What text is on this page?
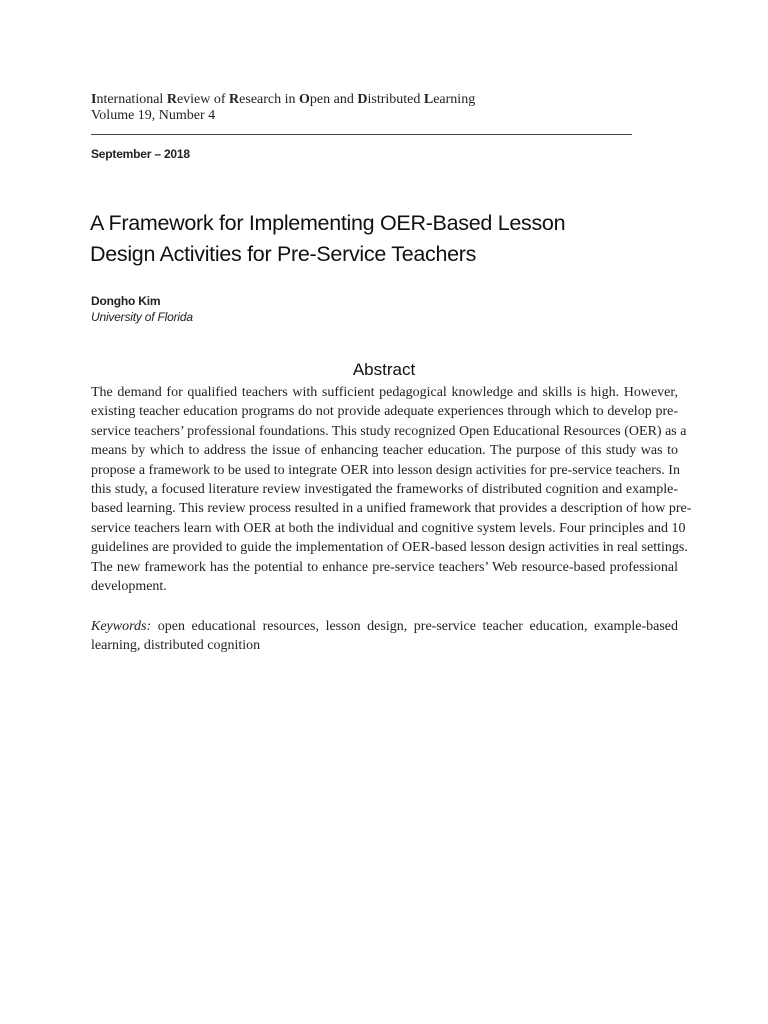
International Review of Research in Open and Distributed Learning
Volume 19, Number 4
September – 2018
A Framework for Implementing OER-Based Lesson
Design Activities for Pre-Service Teachers
Dongho Kim
University of Florida
Abstract
The demand for qualified teachers with sufficient pedagogical knowledge and skills is high. However,
existing teacher education programs do not provide adequate experiences through which to develop pre-
service teachers’ professional foundations. This study recognized Open Educational Resources (OER) as a
means by which to address the issue of enhancing teacher education. The purpose of this study was to
propose a framework to be used to integrate OER into lesson design activities for pre-service teachers. In
this study, a focused literature review investigated the frameworks of distributed cognition and example-
based learning. This review process resulted in a unified framework that provides a description of how pre-
service teachers learn with OER at both the individual and cognitive system levels. Four principles and 10
guidelines are provided to guide the implementation of OER-based lesson design activities in real settings.
The new framework has the potential to enhance pre-service teachers’ Web resource-based professional
development.
Keywords: open educational resources, lesson design, pre-service teacher education, example-based
learning, distributed cognition
